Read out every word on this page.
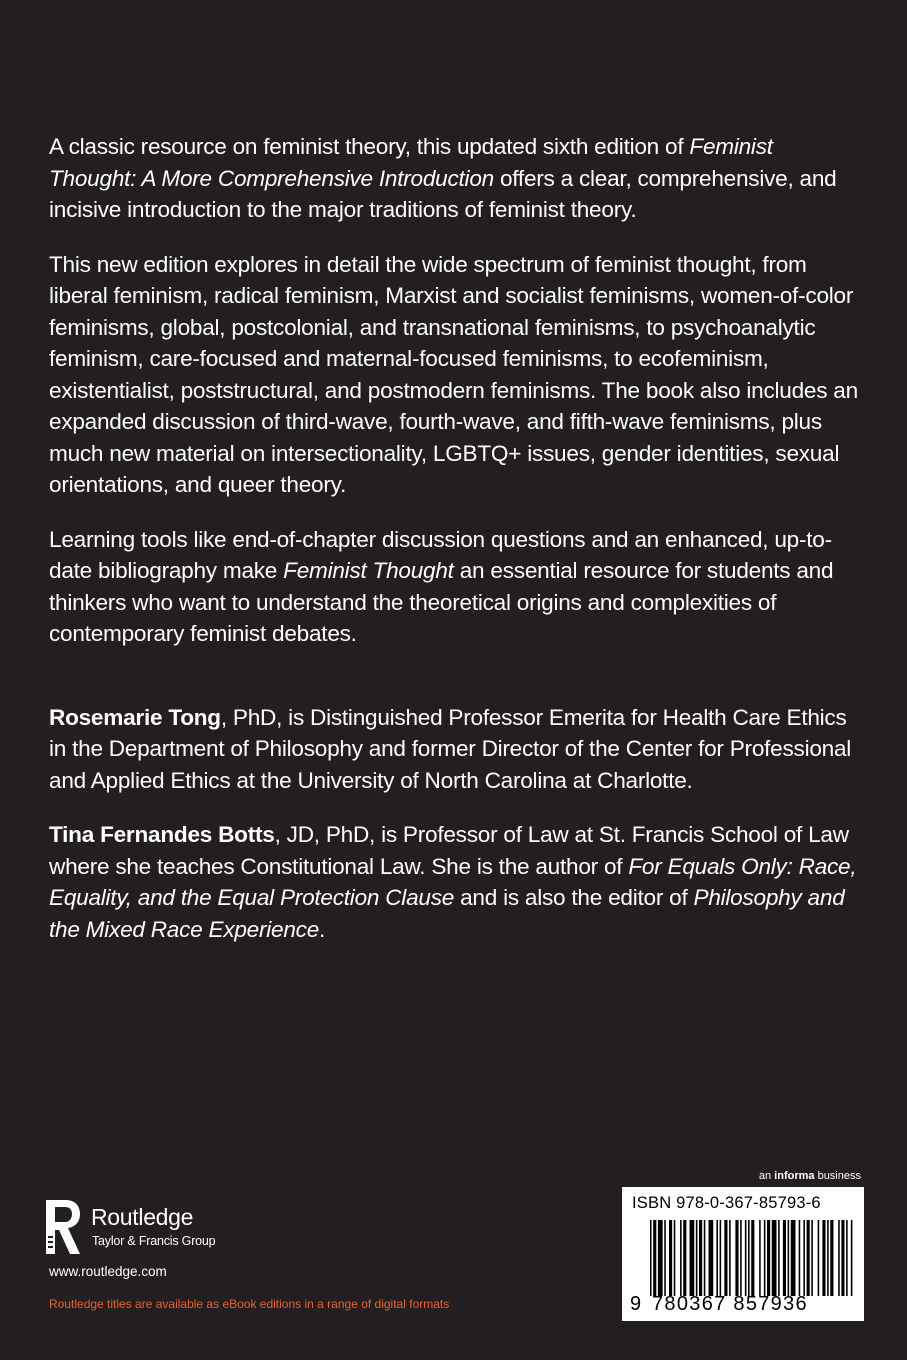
A classic resource on feminist theory, this updated sixth edition of Feminist Thought: A More Comprehensive Introduction offers a clear, comprehensive, and incisive introduction to the major traditions of feminist theory.

This new edition explores in detail the wide spectrum of feminist thought, from liberal feminism, radical feminism, Marxist and socialist feminisms, women-of-color feminisms, global, postcolonial, and transnational feminisms, to psychoanalytic feminism, care-focused and maternal-focused feminisms, to ecofeminism, existentialist, poststructural, and postmodern feminisms. The book also includes an expanded discussion of third-wave, fourth-wave, and fifth-wave feminisms, plus much new material on intersectionality, LGBTQ+ issues, gender identities, sexual orientations, and queer theory.

Learning tools like end-of-chapter discussion questions and an enhanced, up-to-date bibliography make Feminist Thought an essential resource for students and thinkers who want to understand the theoretical origins and complexities of contemporary feminist debates.

Rosemarie Tong, PhD, is Distinguished Professor Emerita for Health Care Ethics in the Department of Philosophy and former Director of the Center for Professional and Applied Ethics at the University of North Carolina at Charlotte.

Tina Fernandes Botts, JD, PhD, is Professor of Law at St. Francis School of Law where she teaches Constitutional Law. She is the author of For Equals Only: Race, Equality, and the Equal Protection Clause and is also the editor of Philosophy and the Mixed Race Experience.

an informa business
ISBN 978-0-367-85793-6
9 780367 857936
Routledge
Taylor & Francis Group
www.routledge.com
Routledge titles are available as eBook editions in a range of digital formats
